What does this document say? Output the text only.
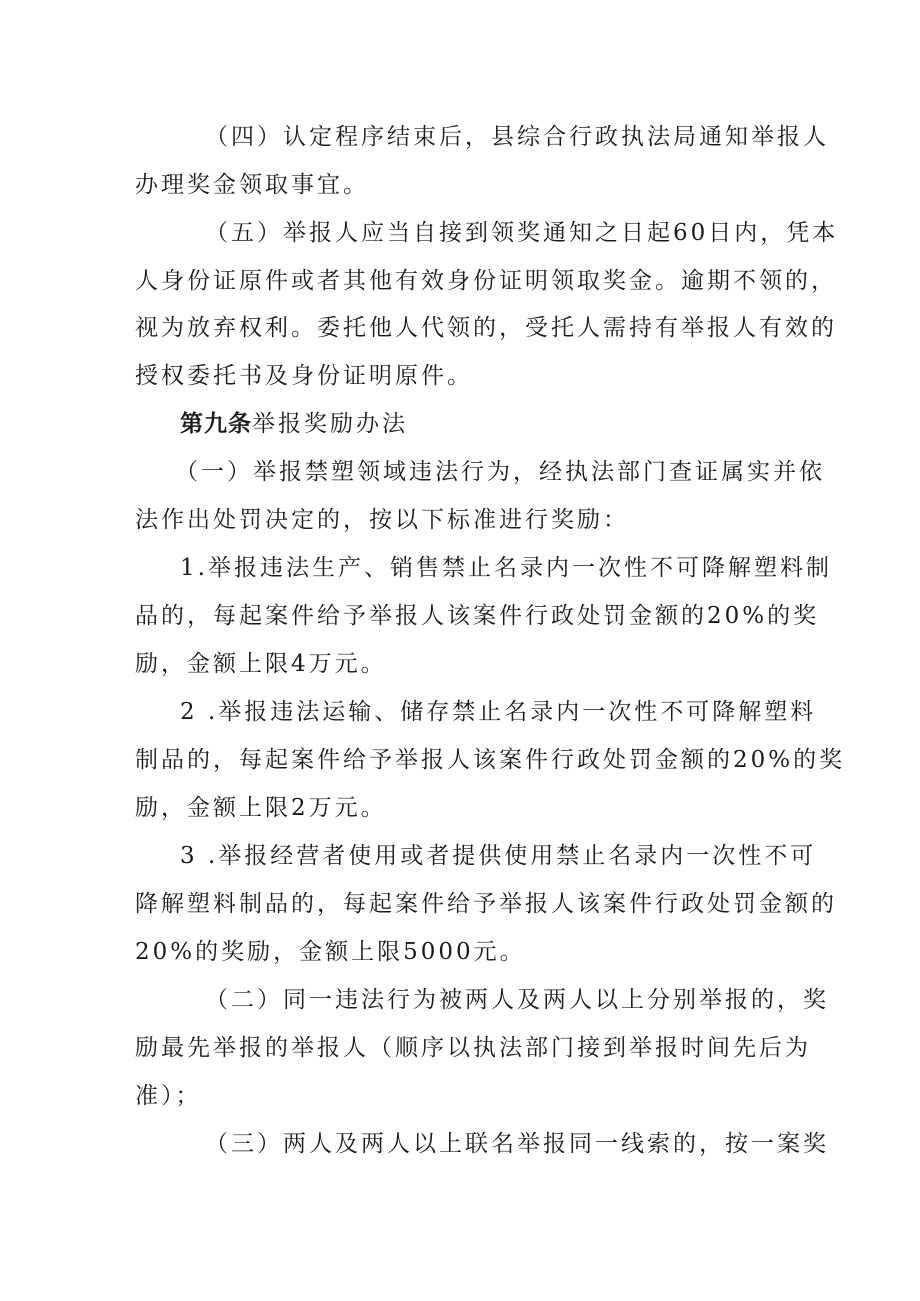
（四）认定程序结束后，县综合行政执法局通知举报人
办理奖金领取事宜。
（五）举报人应当自接到领奖通知之日起60日内，凭本
人身份证原件或者其他有效身份证明领取奖金。逾期不领的，
视为放弃权利。委托他人代领的，受托人需持有举报人有效的
授权委托书及身份证明原件。
第九条举报奖励办法
（一）举报禁塑领域违法行为，经执法部门查证属实并依
法作出处罚决定的，按以下标准进行奖励：
1.举报违法生产、销售禁止名录内一次性不可降解塑料制
品的，每起案件给予举报人该案件行政处罚金额的20%的奖
励，金额上限4万元。
2 .举报违法运输、储存禁止名录内一次性不可降解塑料
制品的，每起案件给予举报人该案件行政处罚金额的20%的奖
励，金额上限2万元。
3 .举报经营者使用或者提供使用禁止名录内一次性不可
降解塑料制品的，每起案件给予举报人该案件行政处罚金额的
20%的奖励，金额上限5000元。
（二）同一违法行为被两人及两人以上分别举报的，奖
励最先举报的举报人（顺序以执法部门接到举报时间先后为
准）；
（三）两人及两人以上联名举报同一线索的，按一案奖
